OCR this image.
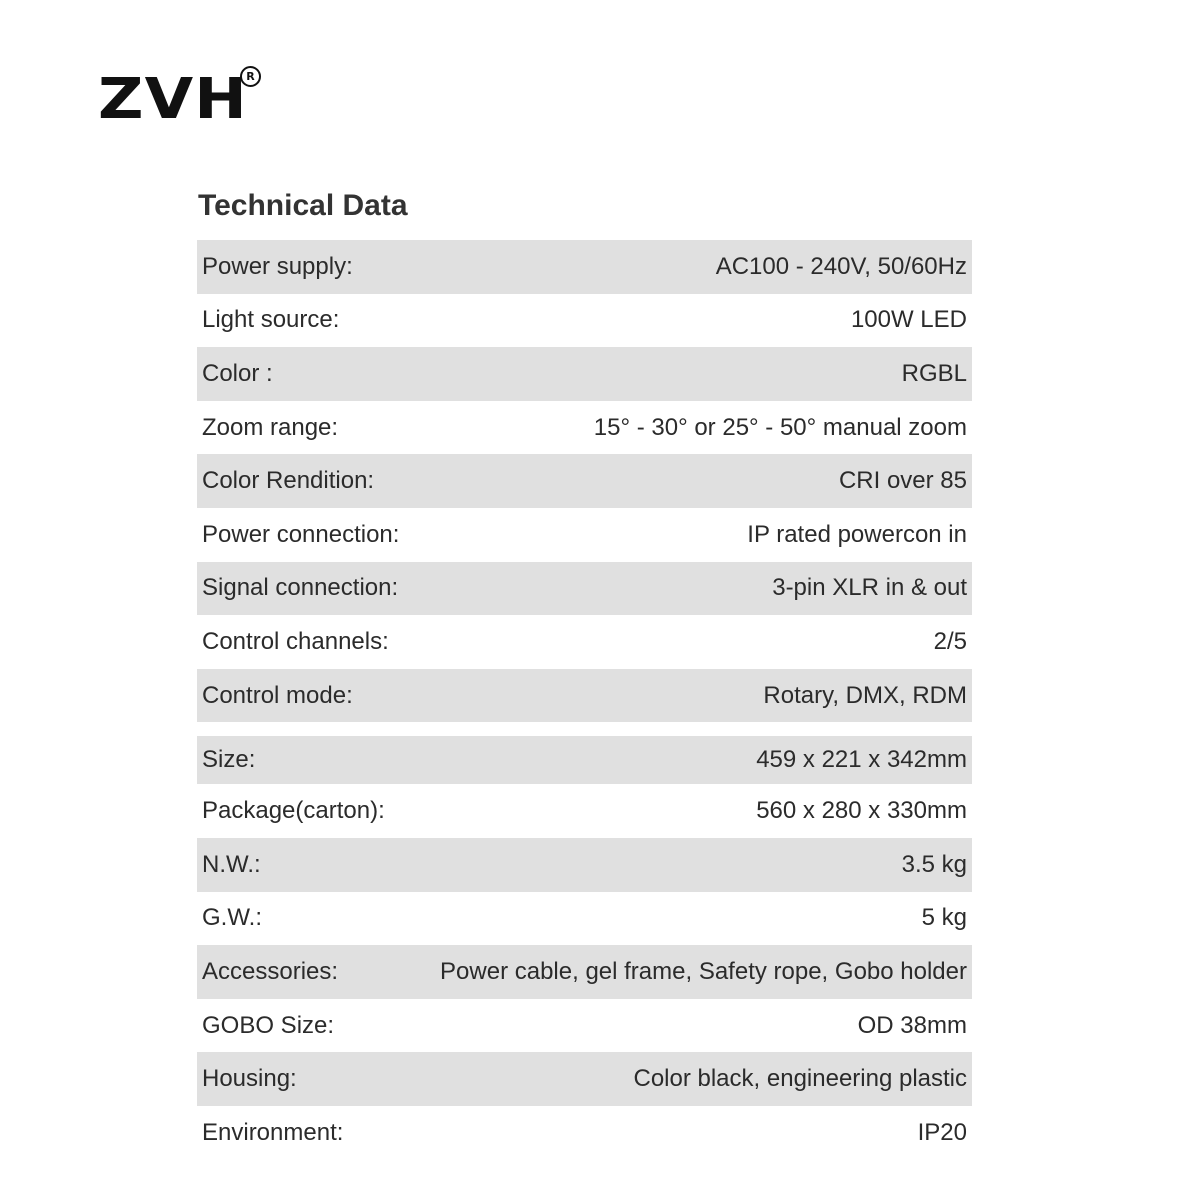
ZVH
R
Technical Data
Power supply:	AC100 - 240V, 50/60Hz
Light source:	100W LED
Color :	RGBL
Zoom range:	15° - 30° or 25° - 50° manual zoom
Color Rendition:	CRI over 85
Power connection:	IP rated powercon in
Signal connection:	3-pin XLR in & out
Control channels:	2/5
Control mode:	Rotary, DMX, RDM
Size:	459 x 221 x 342mm
Package(carton):	560 x 280 x 330mm
N.W.:	3.5 kg
G.W.:	5 kg
Accessories:	Power cable, gel frame, Safety rope, Gobo holder
GOBO Size:	OD 38mm
Housing:	Color black, engineering plastic
Environment:	IP20
